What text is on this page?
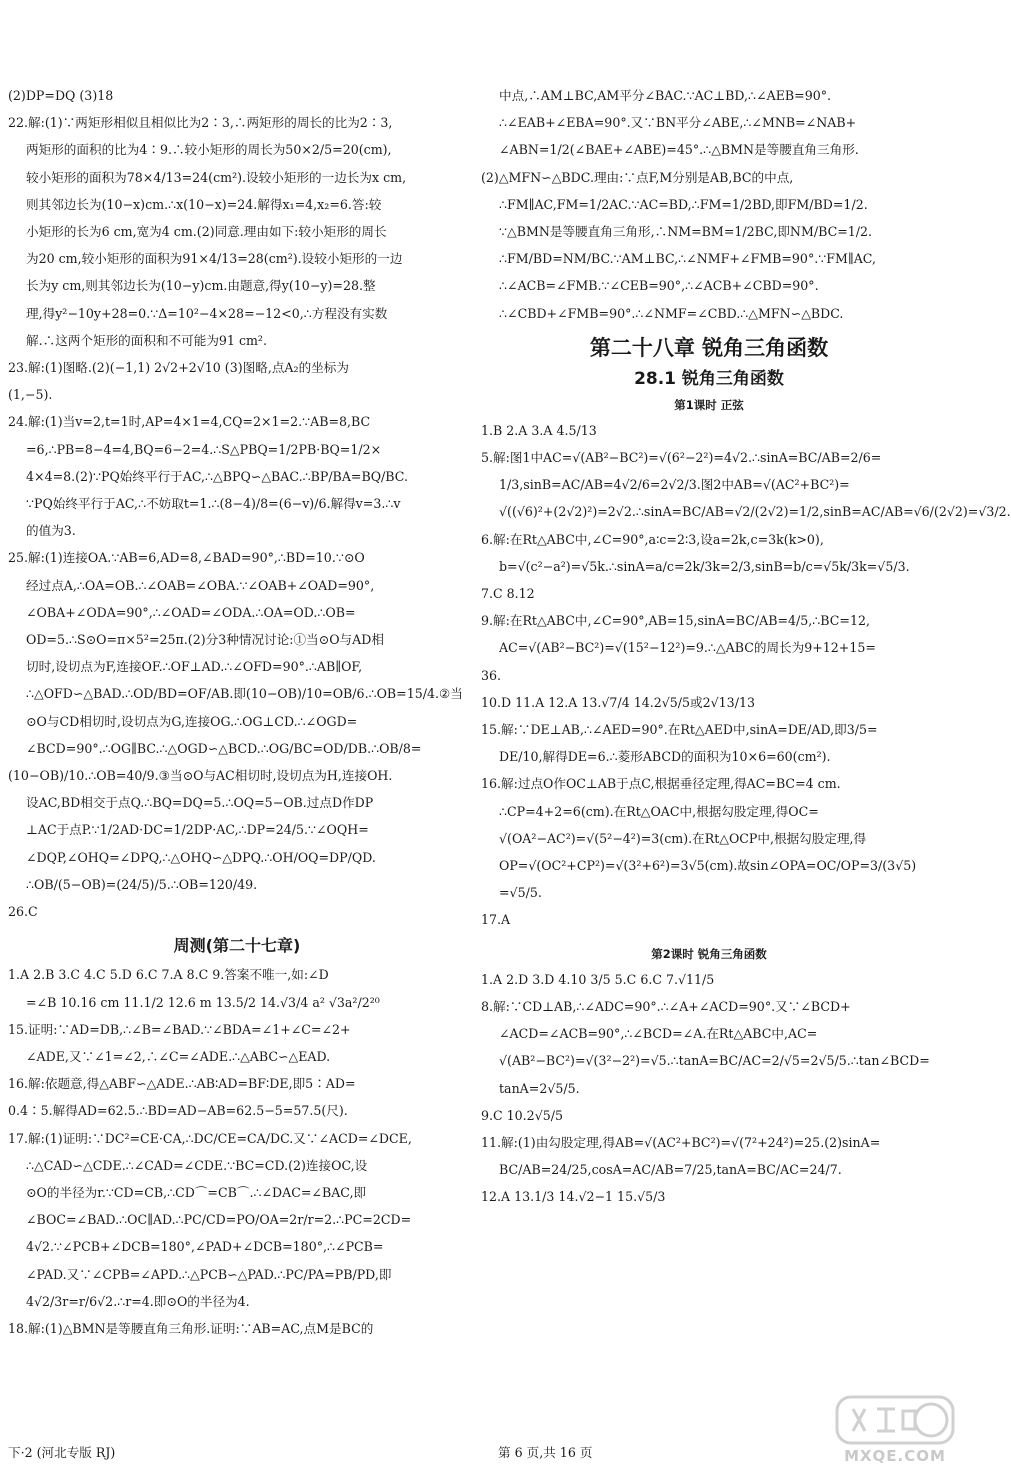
(2)DP=DQ (3)18
22.解:(1)∵两矩形相似且相似比为2∶3,∴两矩形的周长的比为2∶3,
两矩形的面积的比为4∶9.∴较小矩形的周长为50×2/5=20(cm),
较小矩形的面积为78×4/13=24(cm²).设较小矩形的一边长为x cm,
则其邻边长为(10−x)cm.∴x(10−x)=24.解得x₁=4,x₂=6.答:较
小矩形的长为6 cm,宽为4 cm.(2)同意.理由如下:较小矩形的周长
为20 cm,较小矩形的面积为91×4/13=28(cm²).设较小矩形的一边
长为y cm,则其邻边长为(10−y)cm.由题意,得y(10−y)=28.整
理,得y²−10y+28=0.∵Δ=10²−4×28=−12<0,∴方程没有实数
解.∴这两个矩形的面积和不可能为91 cm².
23.解:(1)图略.(2)(−1,1) 2√2+2√10 (3)图略,点A₂的坐标为
(1,−5).
24.解:(1)当v=2,t=1时,AP=4×1=4,CQ=2×1=2.∵AB=8,BC
=6,∴PB=8−4=4,BQ=6−2=4.∴S△PBQ=1/2PB·BQ=1/2×
4×4=8.(2)∵PQ始终平行于AC,∴△BPQ∽△BAC.∴BP/BA=BQ/BC.
∵PQ始终平行于AC,∴不妨取t=1.∴(8−4)/8=(6−v)/6.解得v=3.∴v
的值为3.
25.解:(1)连接OA.∵AB=6,AD=8,∠BAD=90°,∴BD=10.∵⊙O
经过点A,∴OA=OB.∴∠OAB=∠OBA.∵∠OAB+∠OAD=90°,
∠OBA+∠ODA=90°,∴∠OAD=∠ODA.∴OA=OD.∴OB=
OD=5.∴S⊙O=π×5²=25π.(2)分3种情况讨论:①当⊙O与AD相
切时,设切点为F,连接OF.∴OF⊥AD.∴∠OFD=90°.∴AB∥OF,
∴△OFD∽△BAD.∴OD/BD=OF/AB.即(10−OB)/10=OB/6.∴OB=15/4.②当
⊙O与CD相切时,设切点为G,连接OG.∴OG⊥CD.∴∠OGD=
∠BCD=90°.∴OG∥BC.∴△OGD∽△BCD.∴OG/BC=OD/DB.∴OB/8=
(10−OB)/10.∴OB=40/9.③当⊙O与AC相切时,设切点为H,连接OH.
设AC,BD相交于点Q.∴BQ=DQ=5.∴OQ=5−OB.过点D作DP
⊥AC于点P.∵1/2AD·DC=1/2DP·AC,∴DP=24/5.∵∠OQH=
∠DQP,∠OHQ=∠DPQ,∴△OHQ∽△DPQ.∴OH/OQ=DP/QD.
∴OB/(5−OB)=(24/5)/5.∴OB=120/49.
26.C
周测(第二十七章)
1.A 2.B 3.C 4.C 5.D 6.C 7.A 8.C 9.答案不唯一,如:∠D
=∠B 10.16 cm 11.1/2 12.6 m 13.5/2 14.√3/4 a² √3a²/2²⁰
15.证明:∵AD=DB,∴∠B=∠BAD.∵∠BDA=∠1+∠C=∠2+
∠ADE,又∵∠1=∠2,∴∠C=∠ADE.∴△ABC∽△EAD.
16.解:依题意,得△ABF∽△ADE.∴AB∶AD=BF∶DE,即5∶AD=
0.4∶5.解得AD=62.5.∴BD=AD−AB=62.5−5=57.5(尺).
17.解:(1)证明:∵DC²=CE·CA,∴DC/CE=CA/DC.又∵∠ACD=∠DCE,
∴△CAD∽△CDE.∴∠CAD=∠CDE.∵BC=CD.(2)连接OC,设
⊙O的半径为r.∵CD=CB,∴CD⌒=CB⌒.∴∠DAC=∠BAC,即
∠BOC=∠BAD.∴OC∥AD.∴PC/CD=PO/OA=2r/r=2.∴PC=2CD=
4√2.∵∠PCB+∠DCB=180°,∠PAD+∠DCB=180°,∴∠PCB=
∠PAD.又∵∠CPB=∠APD.∴△PCB∽△PAD.∴PC/PA=PB/PD,即
4√2/3r=r/6√2.∴r=4.即⊙O的半径为4.
18.解:(1)△BMN是等腰直角三角形.证明:∵AB=AC,点M是BC的
中点,∴AM⊥BC,AM平分∠BAC.∵AC⊥BD,∴∠AEB=90°.
∴∠EAB+∠EBA=90°.又∵BN平分∠ABE,∴∠MNB=∠NAB+
∠ABN=1/2(∠BAE+∠ABE)=45°.∴△BMN是等腰直角三角形.
(2)△MFN∽△BDC.理由:∵点F,M分别是AB,BC的中点,
∴FM∥AC,FM=1/2AC.∵AC=BD,∴FM=1/2BD,即FM/BD=1/2.
∵△BMN是等腰直角三角形,∴NM=BM=1/2BC,即NM/BC=1/2.
∴FM/BD=NM/BC.∵AM⊥BC,∴∠NMF+∠FMB=90°.∵FM∥AC,
∴∠ACB=∠FMB.∵∠CEB=90°,∴∠ACB+∠CBD=90°.
∴∠CBD+∠FMB=90°.∴∠NMF=∠CBD.∴△MFN∽△BDC.
第二十八章 锐角三角函数
28.1 锐角三角函数
第1课时 正弦
1.B 2.A 3.A 4.5/13
5.解:图1中AC=√(AB²−BC²)=√(6²−2²)=4√2.∴sinA=BC/AB=2/6=
1/3,sinB=AC/AB=4√2/6=2√2/3.图2中AB=√(AC²+BC²)=
√((√6)²+(2√2)²)=2√2.∴sinA=BC/AB=√2/(2√2)=1/2,sinB=AC/AB=√6/(2√2)=√3/2.
6.解:在Rt△ABC中,∠C=90°,a∶c=2∶3,设a=2k,c=3k(k>0),
b=√(c²−a²)=√5k.∴sinA=a/c=2k/3k=2/3,sinB=b/c=√5k/3k=√5/3.
7.C 8.12
9.解:在Rt△ABC中,∠C=90°,AB=15,sinA=BC/AB=4/5,∴BC=12,
AC=√(AB²−BC²)=√(15²−12²)=9.∴△ABC的周长为9+12+15=
36.
10.D 11.A 12.A 13.√7/4 14.2√5/5或2√13/13
15.解:∵DE⊥AB,∴∠AED=90°.在Rt△AED中,sinA=DE/AD,即3/5=
DE/10,解得DE=6.∴菱形ABCD的面积为10×6=60(cm²).
16.解:过点O作OC⊥AB于点C,根据垂径定理,得AC=BC=4 cm.
∴CP=4+2=6(cm).在Rt△OAC中,根据勾股定理,得OC=
√(OA²−AC²)=√(5²−4²)=3(cm).在Rt△OCP中,根据勾股定理,得
OP=√(OC²+CP²)=√(3²+6²)=3√5(cm).故sin∠OPA=OC/OP=3/(3√5)
=√5/5.
17.A
第2课时 锐角三角函数
1.A 2.D 3.D 4.10 3/5 5.C 6.C 7.√11/5
8.解:∵CD⊥AB,∴∠ADC=90°.∴∠A+∠ACD=90°.又∵∠BCD+
∠ACD=∠ACB=90°,∴∠BCD=∠A.在Rt△ABC中,AC=
√(AB²−BC²)=√(3²−2²)=√5.∴tanA=BC/AC=2/√5=2√5/5.∴tan∠BCD=
tanA=2√5/5.
9.C 10.2√5/5
11.解:(1)由勾股定理,得AB=√(AC²+BC²)=√(7²+24²)=25.(2)sinA=
BC/AB=24/25,cosA=AC/AB=7/25,tanA=BC/AC=24/7.
12.A 13.1/3 14.√2−1 15.√5/3
下·2 (河北专版 RJ)	第 6 页,共 16 页	MXQE.COM
